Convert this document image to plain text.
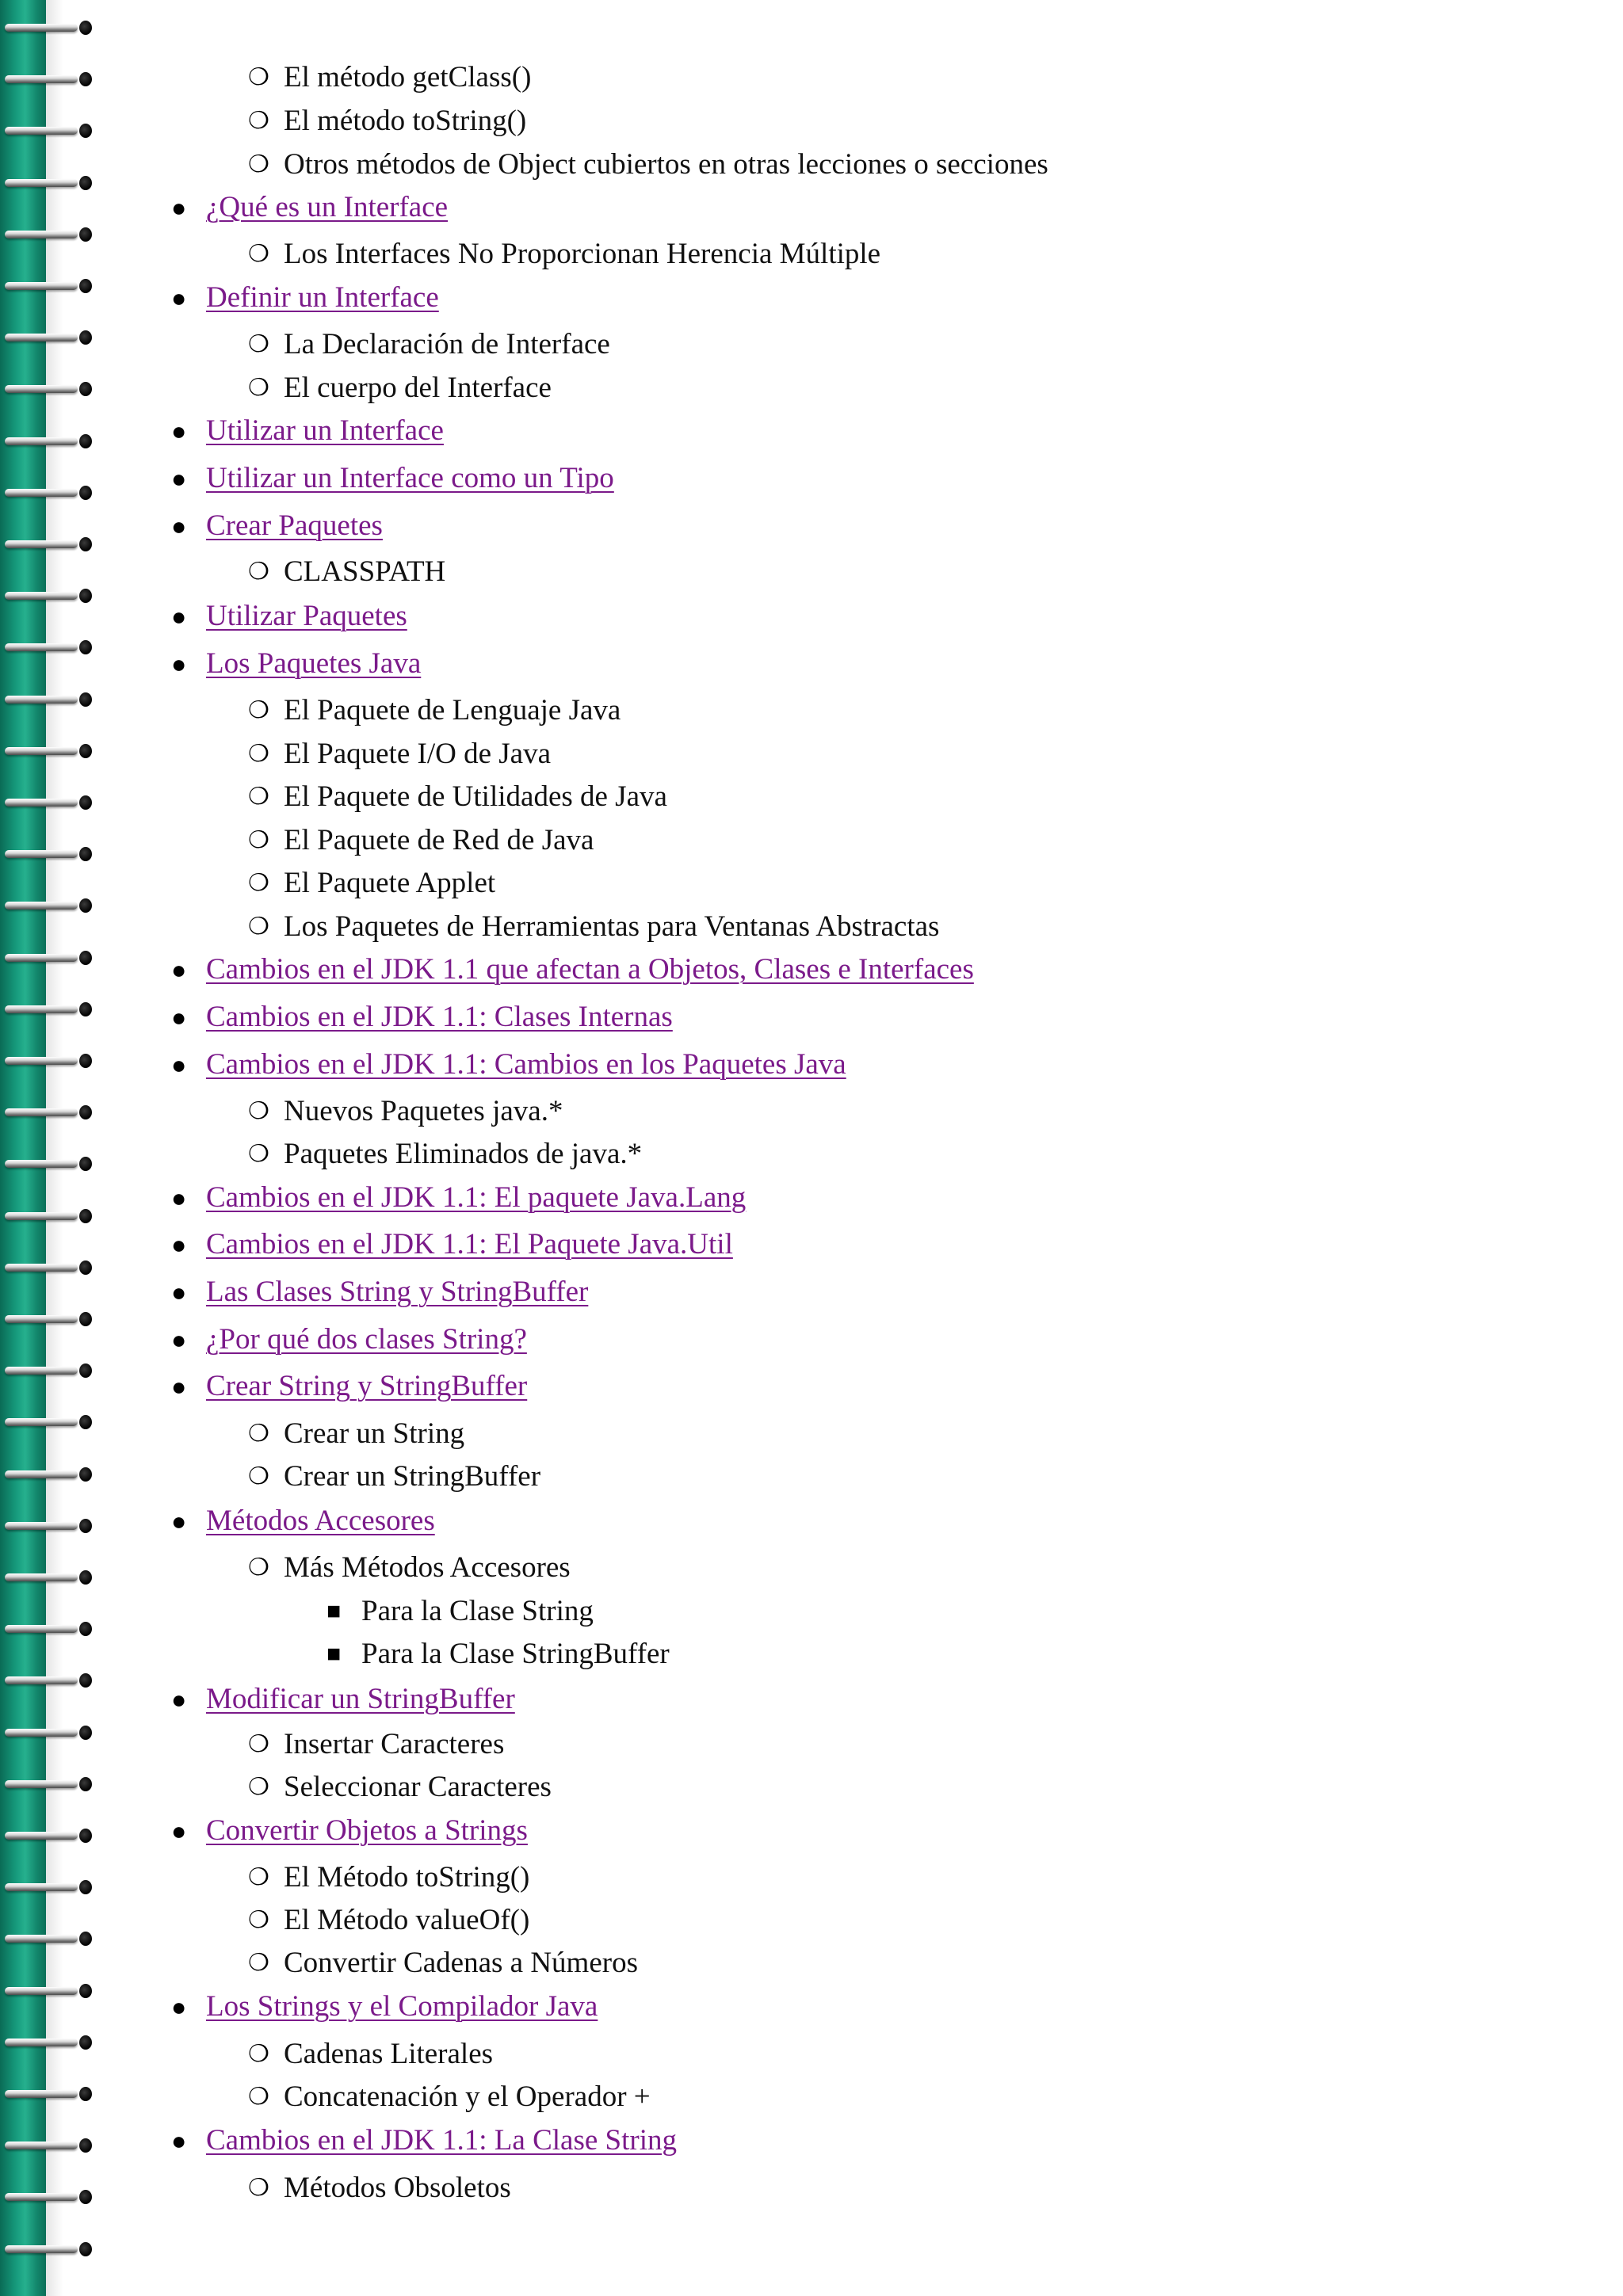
❍ El método getClass()
❍ El método toString()
❍ Otros métodos de Object cubiertos en otras lecciones o secciones
● ¿Qué es un Interface
❍ Los Interfaces No Proporcionan Herencia Múltiple
● Definir un Interface
❍ La Declaración de Interface
❍ El cuerpo del Interface
● Utilizar un Interface
● Utilizar un Interface como un Tipo
● Crear Paquetes
❍ CLASSPATH
● Utilizar Paquetes
● Los Paquetes Java
❍ El Paquete de Lenguaje Java
❍ El Paquete I/O de Java
❍ El Paquete de Utilidades de Java
❍ El Paquete de Red de Java
❍ El Paquete Applet
❍ Los Paquetes de Herramientas para Ventanas Abstractas
● Cambios en el JDK 1.1 que afectan a Objetos, Clases e Interfaces
● Cambios en el JDK 1.1: Clases Internas
● Cambios en el JDK 1.1: Cambios en los Paquetes Java
❍ Nuevos Paquetes java.*
❍ Paquetes Eliminados de java.*
● Cambios en el JDK 1.1: El paquete Java.Lang
● Cambios en el JDK 1.1: El Paquete Java.Util
● Las Clases String y StringBuffer
● ¿Por qué dos clases String?
● Crear String y StringBuffer
❍ Crear un String
❍ Crear un StringBuffer
● Métodos Accesores
❍ Más Métodos Accesores
■ Para la Clase String
■ Para la Clase StringBuffer
● Modificar un StringBuffer
❍ Insertar Caracteres
❍ Seleccionar Caracteres
● Convertir Objetos a Strings
❍ El Método toString()
❍ El Método valueOf()
❍ Convertir Cadenas a Números
● Los Strings y el Compilador Java
❍ Cadenas Literales
❍ Concatenación y el Operador +
● Cambios en el JDK 1.1: La Clase String
❍ Métodos Obsoletos
